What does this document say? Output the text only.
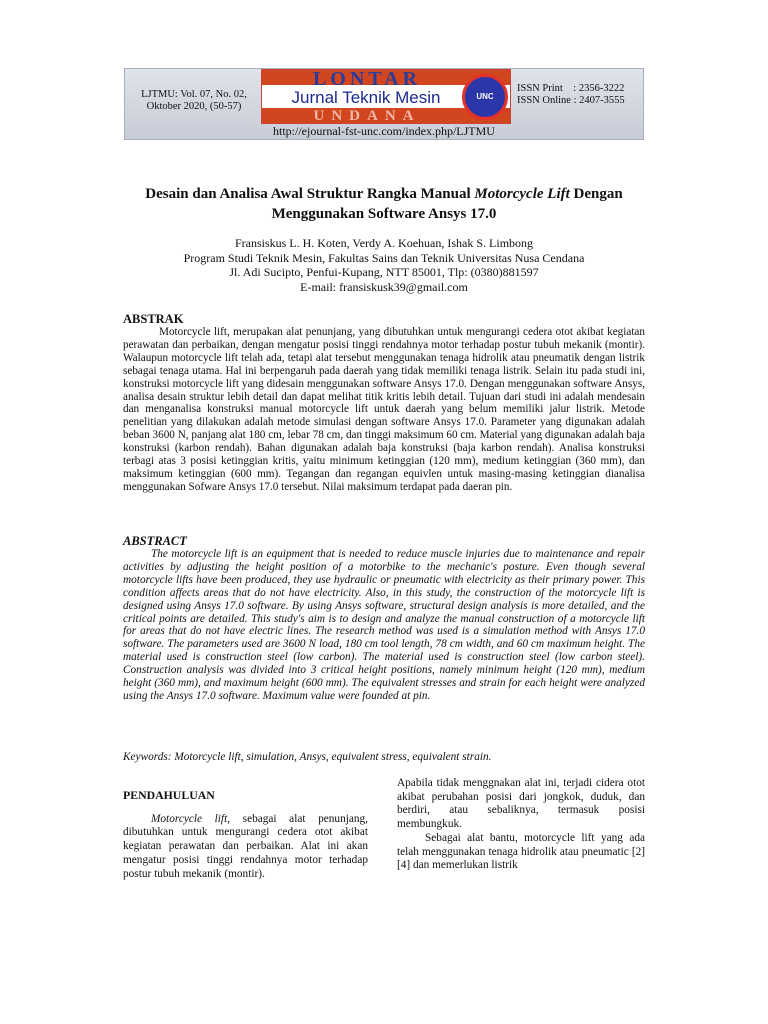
LJTMU: Vol. 07, No. 02,
Oktober 2020, (50-57)
LONTAR
Jurnal Teknik Mesin
UNDANA
UNC
ISSN Print    : 2356-3222
ISSN Online : 2407-3555
http://ejournal-fst-unc.com/index.php/LJTMU
Desain dan Analisa Awal Struktur Rangka Manual Motorcycle Lift Dengan
Menggunakan Software Ansys 17.0
Fransiskus L. H. Koten, Verdy A. Koehuan, Ishak S. Limbong
Program Studi Teknik Mesin, Fakultas Sains dan Teknik Universitas Nusa Cendana
Jl. Adi Sucipto, Penfui-Kupang, NTT 85001, Tlp: (0380)881597
E-mail: fransiskusk39@gmail.com
ABSTRAK
Motorcycle lift, merupakan alat penunjang, yang dibutuhkan untuk mengurangi cedera otot akibat kegiatan perawatan dan perbaikan, dengan mengatur posisi tinggi rendahnya motor terhadap postur tubuh mekanik (montir). Walaupun motorcycle lift telah ada, tetapi alat tersebut menggunakan tenaga hidrolik atau pneumatik dengan listrik sebagai tenaga utama. Hal ini berpengaruh pada daerah yang tidak memiliki tenaga listrik. Selain itu pada studi ini, konstruksi motorcycle lift yang didesain menggunakan software Ansys 17.0. Dengan menggunakan software Ansys, analisa desain struktur lebih detail dan dapat melihat titik kritis lebih detail. Tujuan dari studi ini adalah mendesain dan menganalisa konstruksi manual motorcycle lift untuk daerah yang belum memiliki jalur listrik. Metode penelitian yang dilakukan adalah metode simulasi dengan software Ansys 17.0. Parameter yang digunakan adalah beban 3600 N, panjang alat 180 cm, lebar 78 cm, dan tinggi maksimum 60 cm. Material yang digunakan adalah baja konstruksi (karbon rendah). Bahan digunakan adalah baja konstruksi (baja karbon rendah). Analisa konstruksi terbagi atas 3 posisi ketinggian kritis, yaitu minimum ketinggian (120 mm), medium ketinggian (360 mm), dan maksimum ketinggian (600 mm). Tegangan dan regangan equivlen untuk masing-masing ketinggian dianalisa menggunakan Sofware Ansys 17.0 tersebut. Nilai maksimum terdapat pada daeran pin.
ABSTRACT
The motorcycle lift is an equipment that is needed to reduce muscle injuries due to maintenance and repair activities by adjusting the height position of a motorbike to the mechanic's posture. Even though several motorcycle lifts have been produced, they use hydraulic or pneumatic with electricity as their primary power. This condition affects areas that do not have electricity. Also, in this study, the construction of the motorcycle lift is designed using Ansys 17.0 software. By using Ansys software, structural design analysis is more detailed, and the critical points are detailed. This study's aim is to design and analyze the manual construction of a motorcycle lift for areas that do not have electric lines. The research method was used is a simulation method with Ansys 17.0 software. The parameters used are 3600 N load, 180 cm tool length, 78 cm width, and 60 cm maximum height. The material used is construction steel (low carbon). The material used is construction steel (low carbon steel). Construction analysis was divided into 3 critical height positions, namely minimum height (120 mm), medium height (360 mm), and maximum height (600 mm). The equivalent stresses and strain for each height were analyzed using the Ansys 17.0 software. Maximum value were founded at pin.
Keywords: Motorcycle lift, simulation, Ansys, equivalent stress, equivalent strain.
PENDAHULUAN
Motorcycle lift, sebagai alat penunjang, dibutuhkan untuk mengurangi cedera otot akibat kegiatan perawatan dan perbaikan. Alat ini akan mengatur posisi tinggi rendahnya motor terhadap postur tubuh mekanik (montir).
Apabila tidak menggnakan alat ini, terjadi cidera otot akibat perubahan posisi dari jongkok, duduk, dan berdiri, atau sebaliknya, termasuk posisi membungkuk.
Sebagai alat bantu, motorcycle lift yang ada telah menggunakan tenaga hidrolik atau pneumatic [2][4] dan memerlukan listrik
